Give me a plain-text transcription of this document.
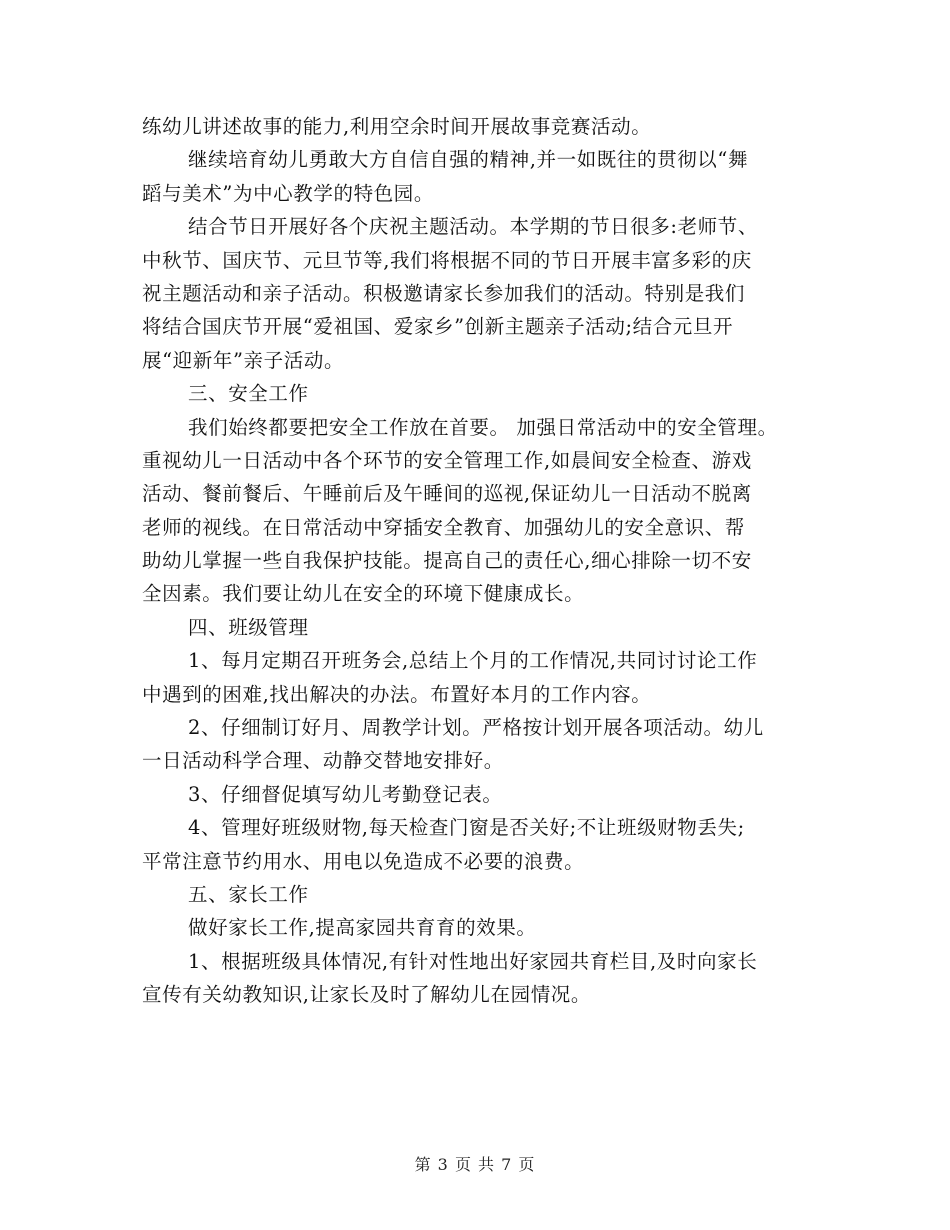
练幼儿讲述故事的能力,利用空余时间开展故事竞赛活动。
继续培育幼儿勇敢大方自信自强的精神,并一如既往的贯彻以“舞
蹈与美术”为中心教学的特色园。
结合节日开展好各个庆祝主题活动。本学期的节日很多:老师节、
中秋节、国庆节、元旦节等,我们将根据不同的节日开展丰富多彩的庆
祝主题活动和亲子活动。积极邀请家长参加我们的活动。特别是我们
将结合国庆节开展“爱祖国、爱家乡”创新主题亲子活动;结合元旦开
展“迎新年”亲子活动。
三、安全工作
我们始终都要把安全工作放在首要。 加强日常活动中的安全管理。
重视幼儿一日活动中各个环节的安全管理工作,如晨间安全检查、游戏
活动、餐前餐后、午睡前后及午睡间的巡视,保证幼儿一日活动不脱离
老师的视线。在日常活动中穿插安全教育、加强幼儿的安全意识、帮
助幼儿掌握一些自我保护技能。提高自己的责任心,细心排除一切不安
全因素。我们要让幼儿在安全的环境下健康成长。
四、班级管理
1、每月定期召开班务会,总结上个月的工作情况,共同讨讨论工作
中遇到的困难,找出解决的办法。布置好本月的工作内容。
2、仔细制订好月、周教学计划。严格按计划开展各项活动。幼儿
一日活动科学合理、动静交替地安排好。
3、仔细督促填写幼儿考勤登记表。
4、管理好班级财物,每天检查门窗是否关好;不让班级财物丢失;
平常注意节约用水、用电以免造成不必要的浪费。
五、家长工作
做好家长工作,提高家园共育育的效果。
1、根据班级具体情况,有针对性地出好家园共育栏目,及时向家长
宣传有关幼教知识,让家长及时了解幼儿在园情况。
第 3 页 共 7 页
